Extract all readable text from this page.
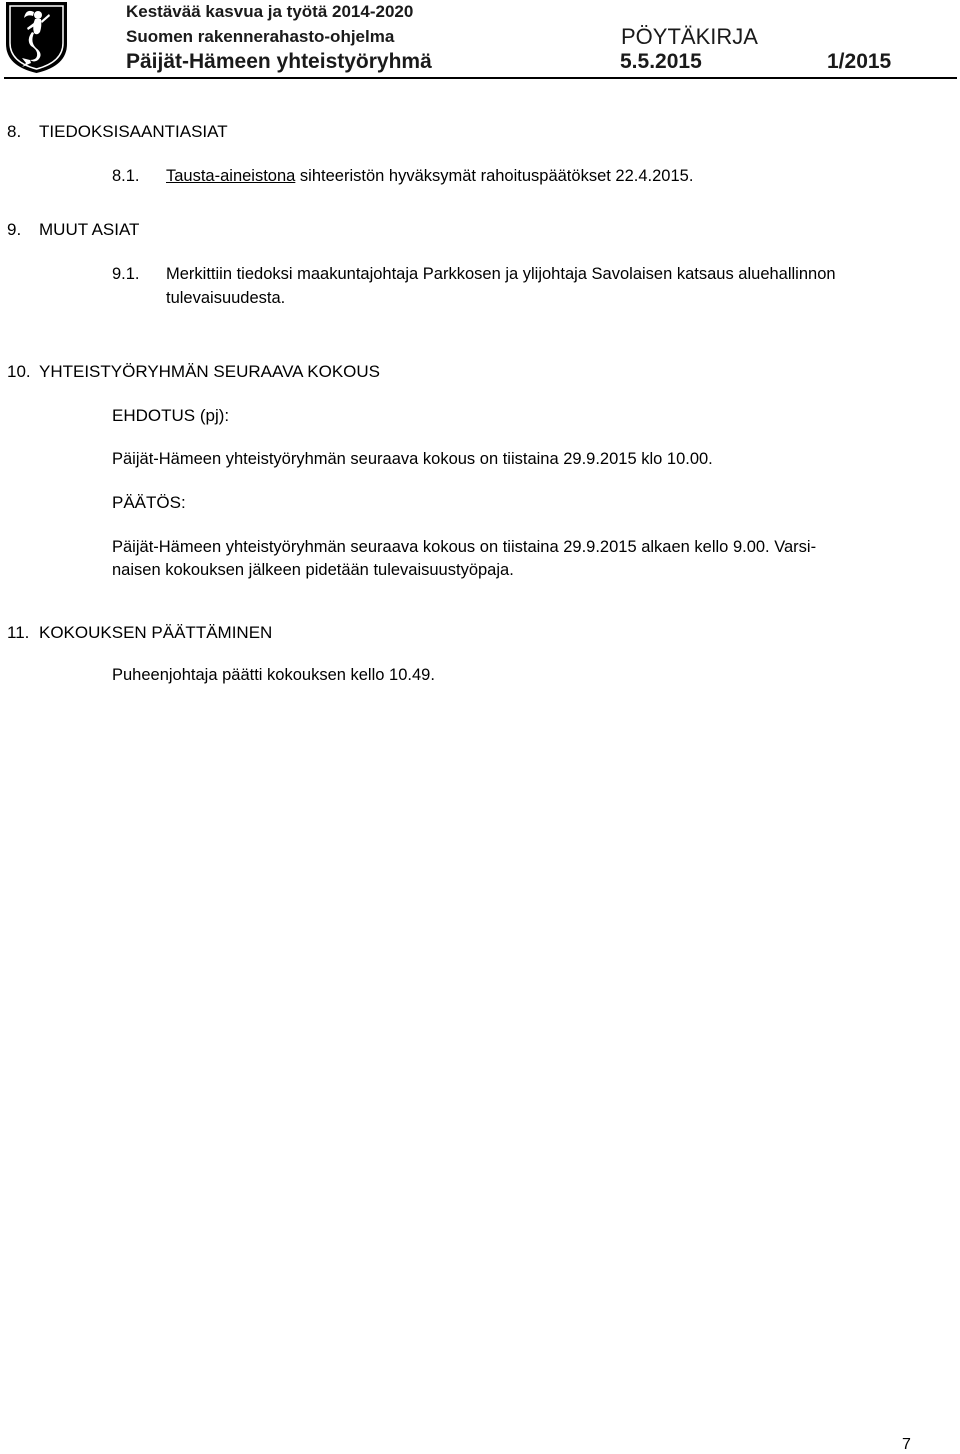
Kestävää kasvua ja työtä 2014-2020
Suomen rakennerahasto-ohjelma	PÖYTÄKIRJA
Päijät-Hämeen yhteistyöryhmä	5.5.2015	1/2015
8. TIEDOKSISAANTIASIAT
8.1. Tausta-aineistona sihteeristön hyväksymät rahoituspäätökset 22.4.2015.
9. MUUT ASIAT
9.1. Merkittiin tiedoksi maakuntajohtaja Parkkosen ja ylijohtaja Savolaisen katsaus aluehallinnon
tulevaisuudesta.
10. YHTEISTYÖRYHMÄN SEURAAVA KOKOUS
EHDOTUS (pj):
Päijät-Hämeen yhteistyöryhmän seuraava kokous on tiistaina 29.9.2015 klo 10.00.
PÄÄTÖS:
Päijät-Hämeen yhteistyöryhmän seuraava kokous on tiistaina 29.9.2015 alkaen kello 9.00. Varsi-
naisen kokouksen jälkeen pidetään tulevaisuustyöpaja.
11. KOKOUKSEN PÄÄTTÄMINEN
Puheenjohtaja päätti kokouksen kello 10.49.
7
